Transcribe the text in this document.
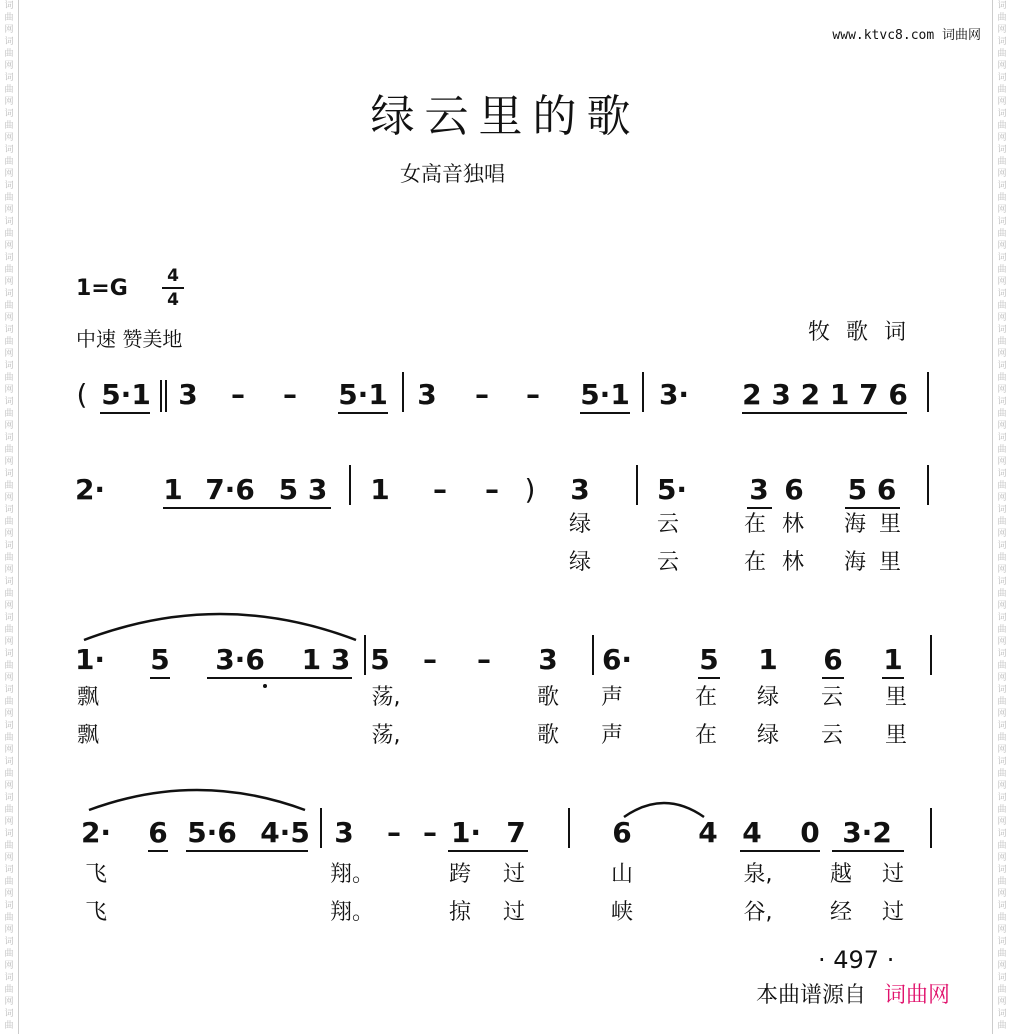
词
曲
网
词
曲
网
词
曲
网
词
曲
网
词
曲
网
词
曲
网
词
曲
网
词
曲
网
词
曲
网
词
曲
网
词
曲
网
词
曲
网
词
曲
网
词
曲
网
词
曲
网
词
曲
网
词
曲
网
词
曲
网
词
曲
网
词
曲
网
词
曲
网
词
曲
网
词
曲
网
词
曲
网
词
曲
网
词
曲
网
词
曲
网
词
曲
网
词
曲
词
曲
网
词
曲
网
词
曲
网
词
曲
网
词
曲
网
词
曲
网
词
曲
网
词
曲
网
词
曲
网
词
曲
网
词
曲
网
词
曲
网
词
曲
网
词
曲
网
词
曲
网
词
曲
网
词
曲
网
词
曲
网
词
曲
网
词
曲
网
词
曲
网
词
曲
网
词
曲
网
词
曲
网
词
曲
网
词
曲
网
词
曲
网
词
曲
网
词
曲
www.ktvc8.com 词曲网
绿云里的歌
女高音独唱
1=G 4
4
中速 赞美地	牧歌词
( 5·1 3 – – 5·1 3 – – 5·1 3· 2 3 2 1 7 6
2· 1 7·6 5 3 1 – – ) 3 5· 3 6 5 6
绿	云	在 林 海 里
绿	云	在 林 海 里
1· 5 3·6 1 3 5 – – 3 6· 5 1 6 1
飘	荡,	歌 声	在 绿 云 里
飘	荡,	歌 声	在 绿 云 里
2· 6 5·6 4·5 3 – – 1· 7	6 4 4 0 3·2
飞	翔。	跨 过	山	泉,	越 过
飞	翔。	掠 过	峡	谷,	经 过
· 497 ·
本曲谱源自 词曲网
